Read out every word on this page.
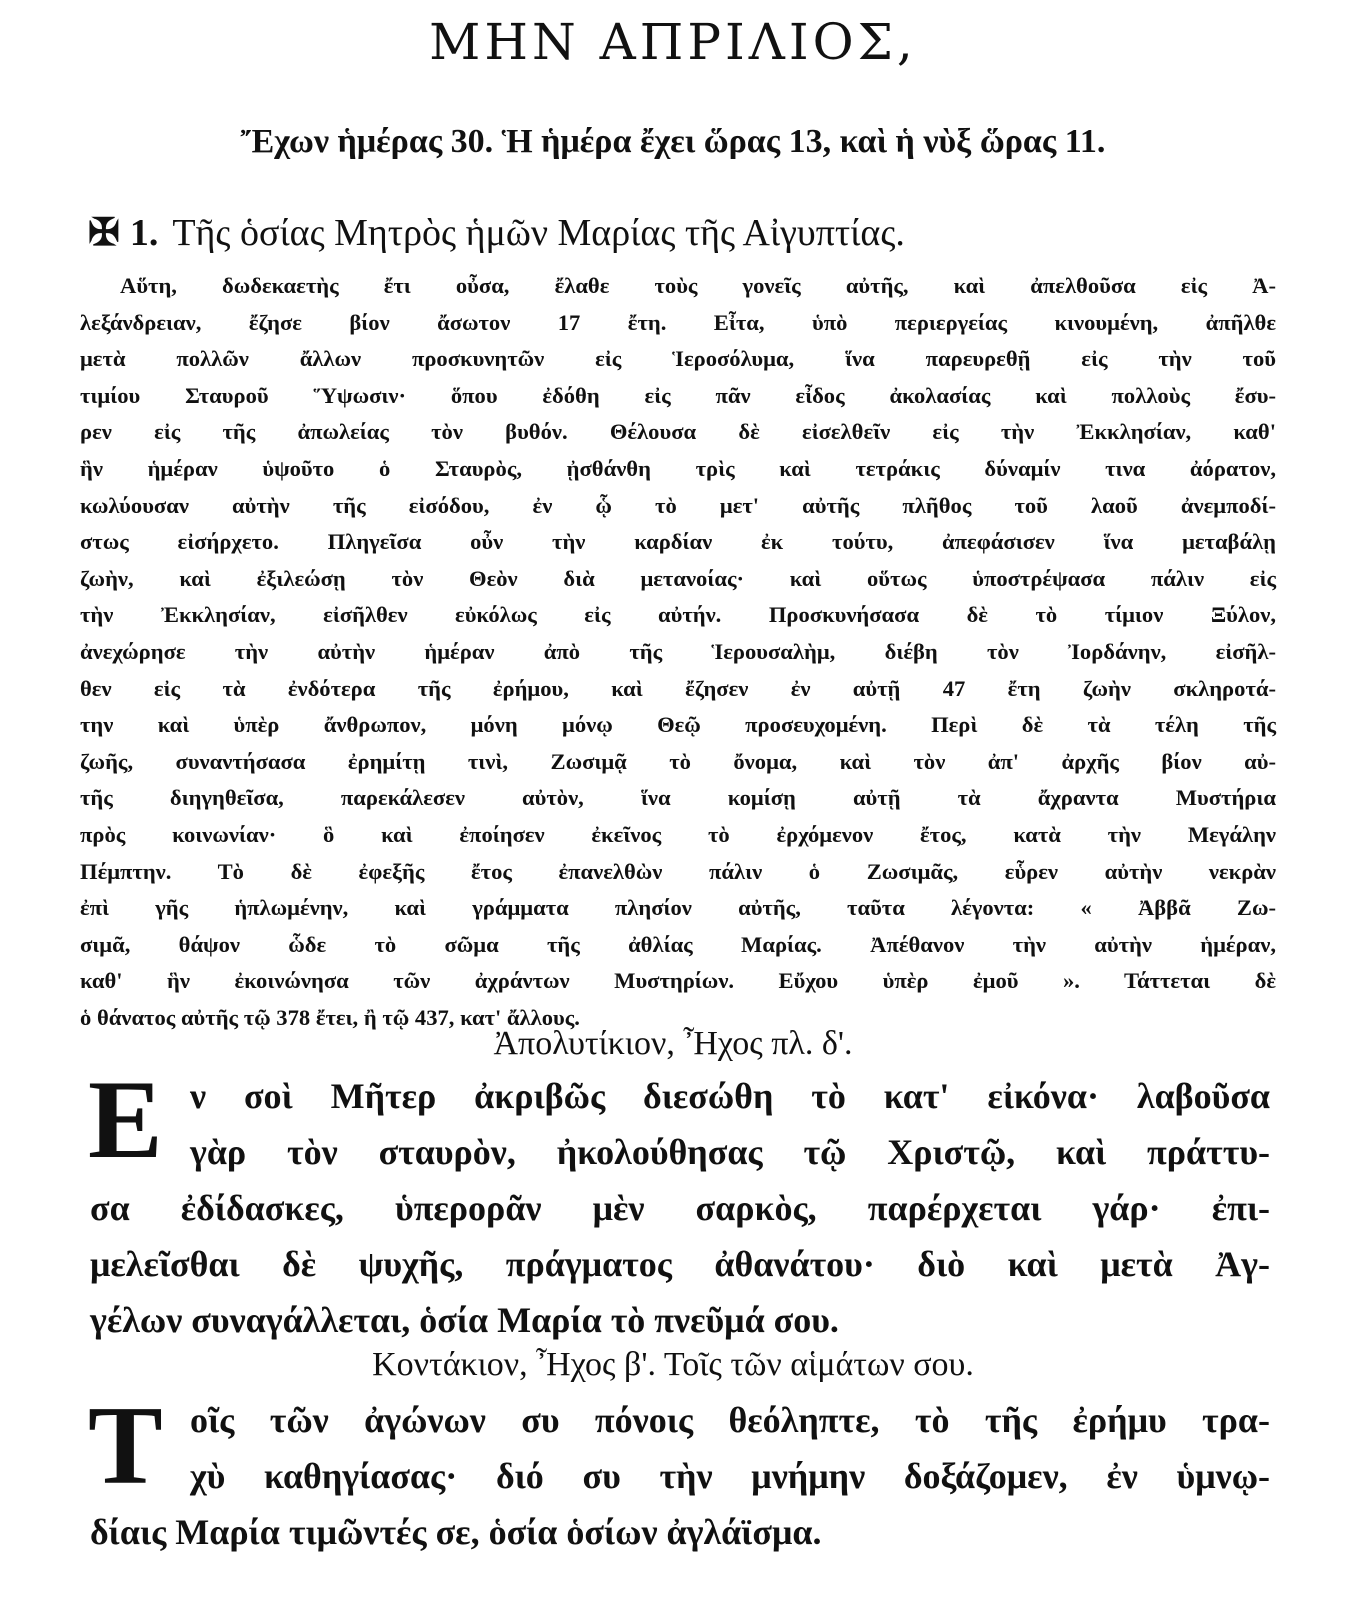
ΜΗΝ ΑΠΡΙΛΙΟΣ,
Ἔχων ἡμέρας 30. Ἡ ἡμέρα ἔχει ὥρας 13, καὶ ἡ νὺξ ὥρας 11.
✠ 1. Τῆς ὁσίας Μητρὸς ἡμῶν Μαρίας τῆς Αἰγυπτίας.
Αὕτη, δωδεκαετὴς ἔτι οὖσα, ἔλαθε τοὺς γονεῖς αὐτῆς, καὶ ἀπελθοῦσα εἰς Ἀ-
λεξάνδρειαν, ἔζησε βίον ἄσωτον 17 ἔτη. Εἶτα, ὑπὸ περιεργείας κινουμένη, ἀπῆλθε
μετὰ πολλῶν ἄλλων προσκυνητῶν εἰς Ἱεροσόλυμα, ἵνα παρευρεθῇ εἰς τὴν τοῦ
τιμίου Σταυροῦ Ὕψωσιν· ὅπου ἐδόθη εἰς πᾶν εἶδος ἀκολασίας καὶ πολλοὺς ἔσυ-
ρεν εἰς τῆς ἀπωλείας τὸν βυθόν. Θέλουσα δὲ εἰσελθεῖν εἰς τὴν Ἐκκλησίαν, καθ'
ἣν ἡμέραν ὑψοῦτο ὁ Σταυρὸς, ᾐσθάνθη τρὶς καὶ τετράκις δύναμίν τινα ἀόρατον,
κωλύουσαν αὐτὴν τῆς εἰσόδου, ἐν ᾧ τὸ μετ' αὐτῆς πλῆθος τοῦ λαοῦ ἀνεμποδί-
στως εἰσήρχετο. Πληγεῖσα οὖν τὴν καρδίαν ἐκ τούτυ, ἀπεφάσισεν ἵνα μεταβάλῃ
ζωὴν, καὶ ἐξιλεώσῃ τὸν Θεὸν διὰ μετανοίας· καὶ οὕτως ὑποστρέψασα πάλιν εἰς
τὴν Ἐκκλησίαν, εἰσῆλθεν εὐκόλως εἰς αὐτήν. Προσκυνήσασα δὲ τὸ τίμιον Ξύλον,
ἀνεχώρησε τὴν αὐτὴν ἡμέραν ἀπὸ τῆς Ἱερουσαλὴμ, διέβη τὸν Ἰορδάνην, εἰσῆλ-
θεν εἰς τὰ ἐνδότερα τῆς ἐρήμου, καὶ ἔζησεν ἐν αὐτῇ 47 ἔτη ζωὴν σκληροτά-
την καὶ ὑπὲρ ἄνθρωπον, μόνη μόνῳ Θεῷ προσευχομένη. Περὶ δὲ τὰ τέλη τῆς
ζωῆς, συναντήσασα ἐρημίτῃ τινὶ, Ζωσιμᾷ τὸ ὄνομα, καὶ τὸν ἀπ' ἀρχῆς βίον αὐ-
τῆς διηγηθεῖσα, παρεκάλεσεν αὐτὸν, ἵνα κομίσῃ αὐτῇ τὰ ἄχραντα Μυστήρια
πρὸς κοινωνίαν· ὃ καὶ ἐποίησεν ἐκεῖνος τὸ ἐρχόμενον ἔτος, κατὰ τὴν Μεγάλην
Πέμπτην. Τὸ δὲ ἐφεξῆς ἔτος ἐπανελθὼν πάλιν ὁ Ζωσιμᾶς, εὗρεν αὐτὴν νεκρὰν
ἐπὶ γῆς ἡπλωμένην, καὶ γράμματα πλησίον αὐτῆς, ταῦτα λέγοντα: « Ἀββᾶ Ζω-
σιμᾶ, θάψον ὧδε τὸ σῶμα τῆς ἀθλίας Μαρίας. Ἀπέθανον τὴν αὐτὴν ἡμέραν,
καθ' ἣν ἐκοινώνησα τῶν ἀχράντων Μυστηρίων. Εὔχου ὑπὲρ ἐμοῦ ». Τάττεται δὲ
ὁ θάνατος αὐτῆς τῷ 378 ἔτει, ἢ τῷ 437, κατ' ἄλλους.
Ἀπολυτίκιον, Ἦχος πλ. δ'.
Ε ν σοὶ Μῆτερ ἀκριβῶς διεσώθη τὸ κατ' εἰκόνα· λαβοῦσα
γὰρ τὸν σταυρὸν, ἠκολούθησας τῷ Χριστῷ, καὶ πράττυ-
σα ἐδίδασκες, ὑπερορᾶν μὲν σαρκὸς, παρέρχεται γάρ· ἐπι-
μελεῖσθαι δὲ ψυχῆς, πράγματος ἀθανάτου· διὸ καὶ μετὰ Ἀγ-
γέλων συναγάλλεται, ὁσία Μαρία τὸ πνεῦμά σου.
Κοντάκιον, Ἦχος β'. Τοῖς τῶν αἱμάτων σου.
Τ οῖς τῶν ἀγώνων συ πόνοις θεόληπτε, τὸ τῆς ἐρήμυ τρα-
χὺ καθηγίασας· διό συ τὴν μνήμην δοξάζομεν, ἐν ὑμνῳ-
δίαις Μαρία τιμῶντές σε, ὁσία ὁσίων ἀγλάϊσμα.
